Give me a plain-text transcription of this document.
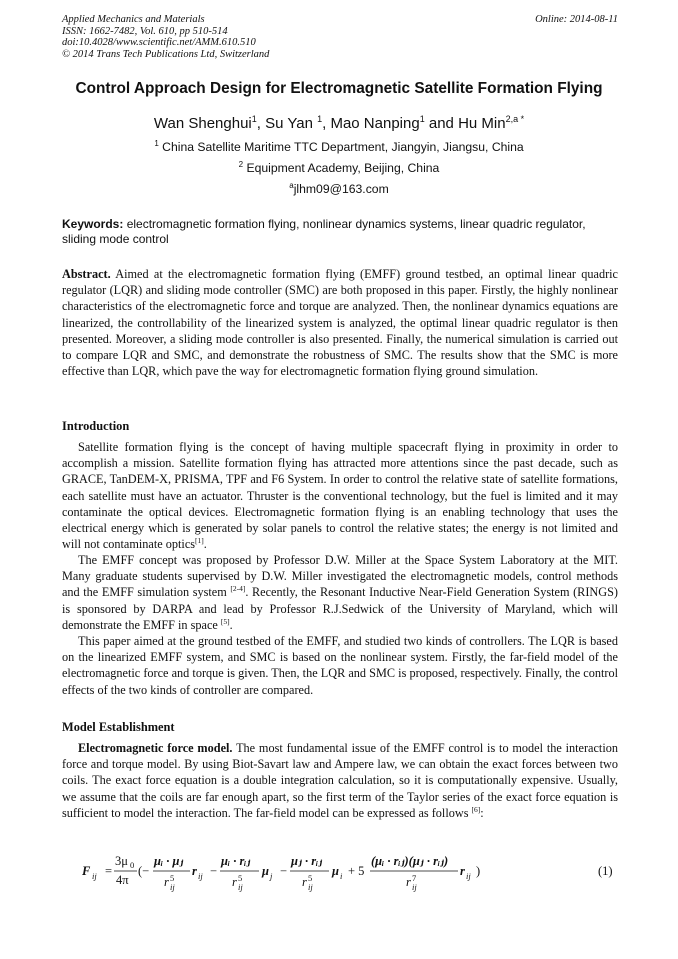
Applied Mechanics and Materials
ISSN: 1662-7482, Vol. 610, pp 510-514
doi:10.4028/www.scientific.net/AMM.610.510
© 2014 Trans Tech Publications Ltd, Switzerland
Online: 2014-08-11
Control Approach Design for Electromagnetic Satellite Formation Flying
Wan Shenghui$^1$, Su Yan $^1$, Mao Nanping$^1$ and Hu Min$^{2,a *}$
$^1$ China Satellite Maritime TTC Department, Jiangyin, Jiangsu, China
$^2$ Equipment Academy, Beijing, China
$^a$jlhm09@163.com
Keywords: electromagnetic formation flying, nonlinear dynamics systems, linear quadric regulator, sliding mode control
Abstract. Aimed at the electromagnetic formation flying (EMFF) ground testbed, an optimal linear quadric regulator (LQR) and sliding mode controller (SMC) are both proposed in this paper. Firstly, the highly nonlinear characteristics of the electromagnetic force and torque are analyzed. Then, the nonlinear dynamics equations are linearized, the controllability of the linearized system is analyzed, the optimal linear quadric regulator is then presented. Moreover, a sliding mode controller is also presented. Finally, the numerical simulation is carried out to compare LQR and SMC, and demonstrate the robustness of SMC. The results show that the SMC is more effective than LQR, which pave the way for electromagnetic formation flying ground simulation.
Introduction
Satellite formation flying is the concept of having multiple spacecraft flying in proximity in order to accomplish a mission. Satellite formation flying has attracted more attentions since the past decade, such as GRACE, TanDEM-X, PRISMA, TPF and F6 System. In order to control the relative state of satellite formations, each satellite must have an actuator. Thruster is the conventional technology, but the fuel is limited and it may contaminate the optical devices. Electromagnetic formation flying is an enabling technology that uses the electrical energy which is generated by solar panels to control the relative states; the energy is not limited and will not contaminate optics[1].
The EMFF concept was proposed by Professor D.W. Miller at the Space System Laboratory at the MIT. Many graduate students supervised by D.W. Miller investigated the electromagnetic models, control methods and the EMFF simulation system [2-4]. Recently, the Resonant Inductive Near-Field Generation System (RINGS) is sponsored by DARPA and lead by Professor R.J.Sedwick of the University of Maryland, which will demonstrate the EMFF in space [5].
This paper aimed at the ground testbed of the EMFF, and studied two kinds of controllers. The LQR is based on the linearized EMFF system, and SMC is based on the nonlinear system. Firstly, the far-field model of the electromagnetic force and torque is given. Then, the LQR and SMC is proposed, respectively. Finally, the control effects of the two kinds of controller are compared.
Model Establishment
Electromagnetic force model. The most fundamental issue of the EMFF control is to model the interaction force and torque model. By using Biot-Savart law and Ampere law, we can obtain the exact forces between two coils. The exact force equation is a double integration calculation, so it is computationally expensive. Usually, we assume that the coils are far enough apart, so the first term of the Taylor series of the exact force equation is sufficient to model the interaction. The far-field model can be expressed as follows [6]:
F ij =
3μ 0
4π
(−
μᵢ · μⱼ
r ij
5 r ij −
μᵢ · rᵢⱼ
r ij
5 μ j −
μⱼ · rᵢⱼ
r ij
5 μ i + 5
(μᵢ · rᵢⱼ)(μⱼ · rᵢⱼ)
r ij
7	r ij )	(1)
